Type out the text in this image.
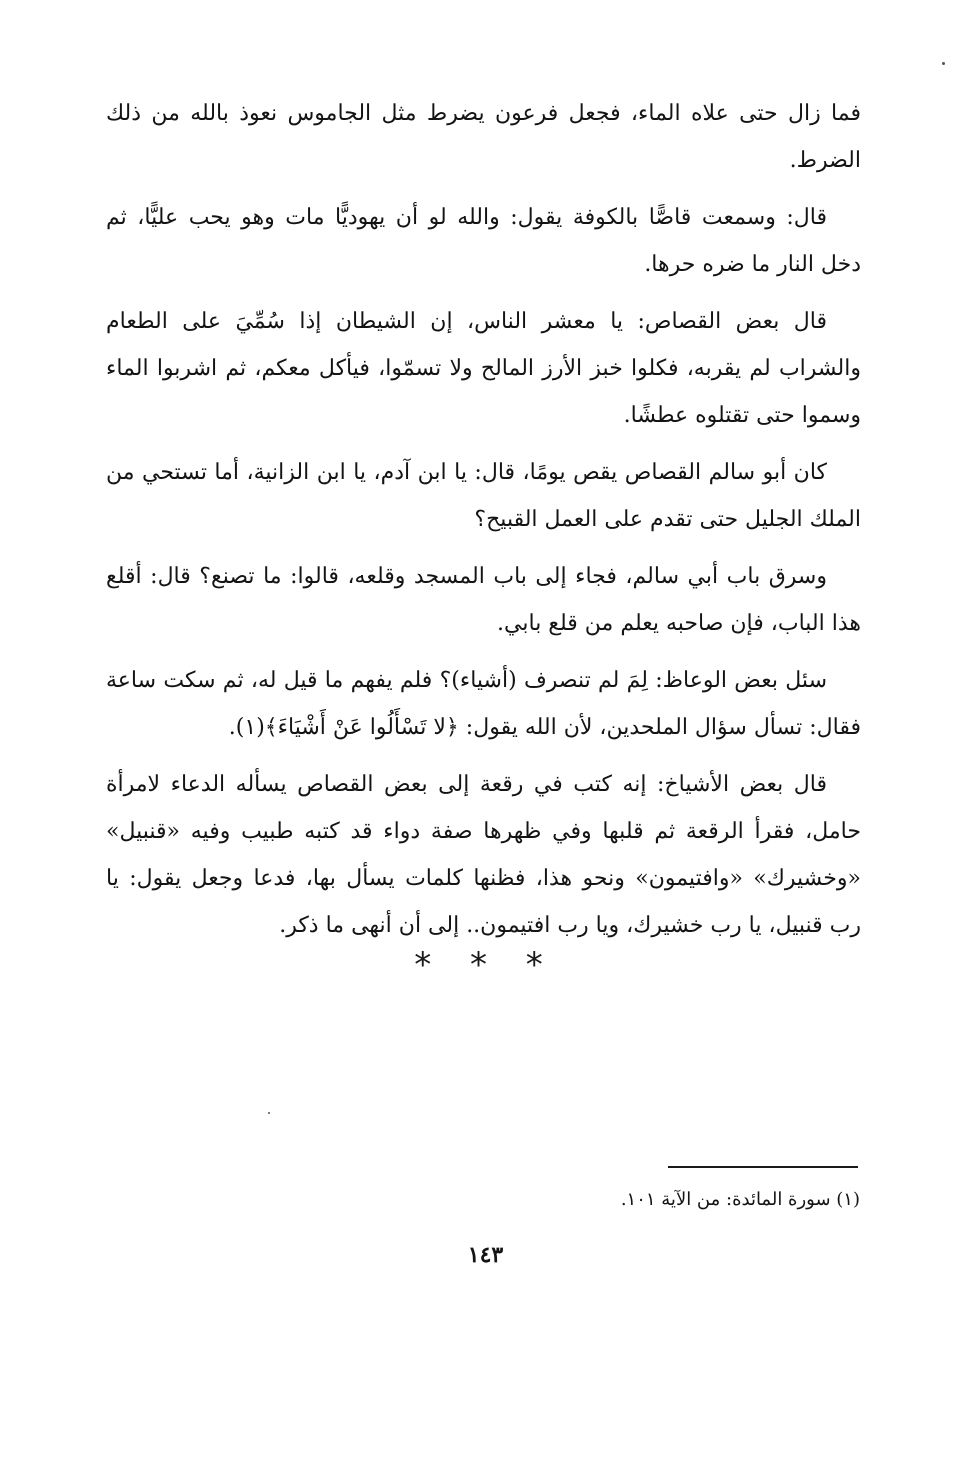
فما زال حتى علاه الماء، فجعل فرعون يضرط مثل الجاموس نعوذ بالله من ذلك الضرط.

قال: وسمعت قاصًّا بالكوفة يقول: والله لو أن يهوديًّا مات وهو يحب عليًّا، ثم دخل النار ما ضره حرها.

قال بعض القصاص: يا معشر الناس، إن الشيطان إذا سُمِّيَ على الطعام والشراب لم يقربه، فكلوا خبز الأرز المالح ولا تسمّوا، فيأكل معكم، ثم اشربوا الماء وسموا حتى تقتلوه عطشًا.

كان أبو سالم القصاص يقص يومًا، قال: يا ابن آدم، يا ابن الزانية، أما تستحي من الملك الجليل حتى تقدم على العمل القبيح؟

وسرق باب أبي سالم، فجاء إلى باب المسجد وقلعه، قالوا: ما تصنع؟ قال: أقلع هذا الباب، فإن صاحبه يعلم من قلع بابي.

سئل بعض الوعاظ: لِمَ لم تنصرف (أشياء)؟ فلم يفهم ما قيل له، ثم سكت ساعة فقال: تسأل سؤال الملحدين، لأن الله يقول: ﴿لا تَسْأَلُوا عَنْ أَشْيَاءَ﴾(١).

قال بعض الأشياخ: إنه كتب في رقعة إلى بعض القصاص يسأله الدعاء لامرأة حامل، فقرأ الرقعة ثم قلبها وفي ظهرها صفة دواء قد كتبه طبيب وفيه «قنبيل» «وخشيرك» «وافتيمون» ونحو هذا، فظنها كلمات يسأل بها، فدعا وجعل يقول: يا رب قنبيل، يا رب خشيرك، ويا رب افتيمون.. إلى أن أنهى ما ذكر.

* * *
(١) سورة المائدة: من الآية ١٠١.
١٤٣
